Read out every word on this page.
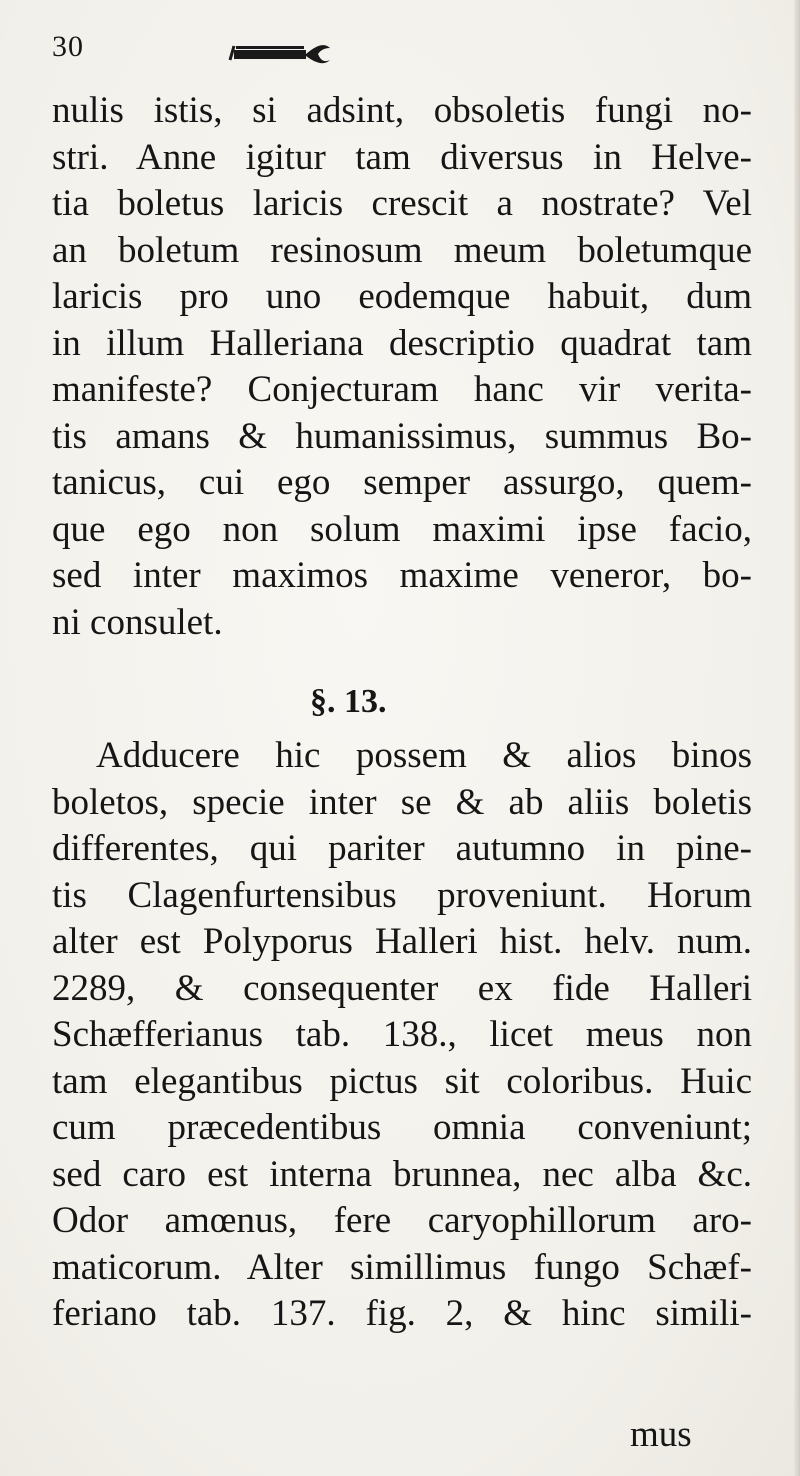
30
nulis istis, si adsint, obsoletis fungi no-
stri. Anne igitur tam diversus in Helve-
tia boletus laricis crescit a nostrate? Vel
an boletum resinosum meum boletumque
laricis pro uno eodemque habuit, dum
in illum Halleriana descriptio quadrat tam
manifeste? Conjecturam hanc vir verita-
tis amans & humanissimus, summus Bo-
tanicus, cui ego semper assurgo, quem-
que ego non solum maximi ipse facio,
sed inter maximos maxime veneror, bo-
ni consulet.
§. 13.
Adducere hic possem & alios binos
boletos, specie inter se & ab aliis boletis
differentes, qui pariter autumno in pine-
tis Clagenfurtensibus proveniunt. Horum
alter est Polyporus Halleri hist. helv. num.
2289, & consequenter ex fide Halleri
Schæfferianus tab. 138., licet meus non
tam elegantibus pictus sit coloribus. Huic
cum præcedentibus omnia conveniunt;
sed caro est interna brunnea, nec alba &c.
Odor amœnus, fere caryophillorum aro-
maticorum. Alter simillimus fungo Schæf-
feriano tab. 137. fig. 2, & hinc simili-
mus
